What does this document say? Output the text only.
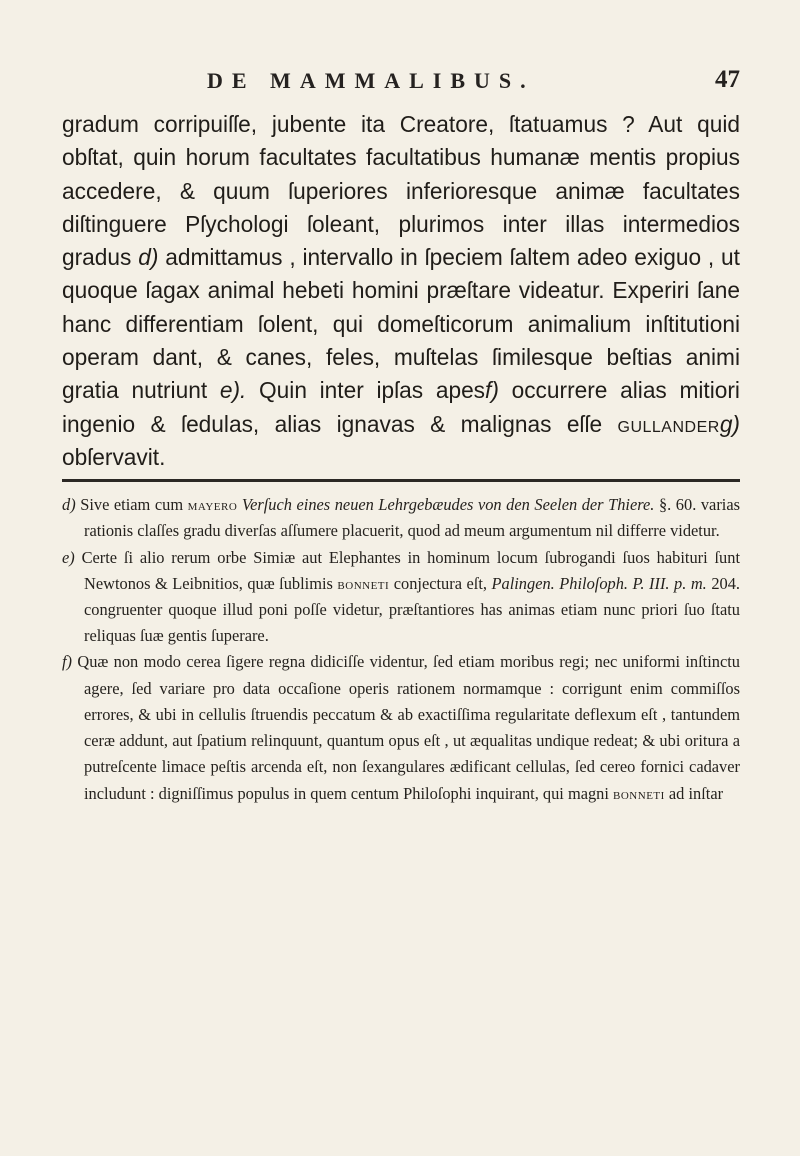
DE MAMMALIBUS.	47

gradum corripuiſſe, jubente ita Creatore, ſtatuamus ? Aut quid obſtat, quin horum facultates facultatibus humanæ mentis propius accedere, & quum ſuperiores inferioresque animæ facultates diſtinguere Pſychologi ſoleant, plurimos inter illas intermedios gradus d) admittamus , intervallo in ſpeciem ſaltem adeo exiguo , ut quoque ſagax animal hebeti homini præſtare videatur. Experiri ſane hanc differentiam ſolent, qui domeſticorum animalium inſtitutioni operam dant, & canes, feles, muſtelas ſimilesque beſtias animi gratia nutriunt e). Quin inter ipſas apesf) occurrere alias mitiori ingenio & ſedulas, alias ignavas & malignas eſſe gullanderg) obſervavit.

d) Sive etiam cum mayero Verſuch eines neuen Lehrgebæudes von den Seelen der Thiere. §. 60. varias rationis claſſes gradu diverſas aſſumere placuerit, quod ad meum argumentum nil differre videtur.

e) Certe ſi alio rerum orbe Simiæ aut Elephantes in hominum locum ſubrogandi ſuos habituri ſunt Newtonos & Leibnitios, quæ ſublimis bonneti conjectura eſt, Palingen. Philoſoph. P. III. p. m. 204. congruenter quoque illud poni poſſe videtur, præſtantiores has animas etiam nunc priori ſuo ſtatu reliquas ſuæ gentis ſuperare.

f) Quæ non modo cerea ſigere regna didiciſſe videntur, ſed etiam moribus regi; nec uniformi inſtinctu agere, ſed variare pro data occaſione operis rationem normamque : corrigunt enim commiſſos errores, & ubi in cellulis ſtruendis peccatum & ab exactiſſima regularitate deflexum eſt , tantundem ceræ addunt, aut ſpatium relinquunt, quantum opus eſt , ut æqualitas undique redeat; & ubi oritura a putreſcente limace peſtis arcenda eſt, non ſexangulares ædificant cellulas, ſed cereo fornici cadaver includunt : digniſſimus populus in quem centum Philoſophi inquirant, qui magni bonneti ad inſtar
